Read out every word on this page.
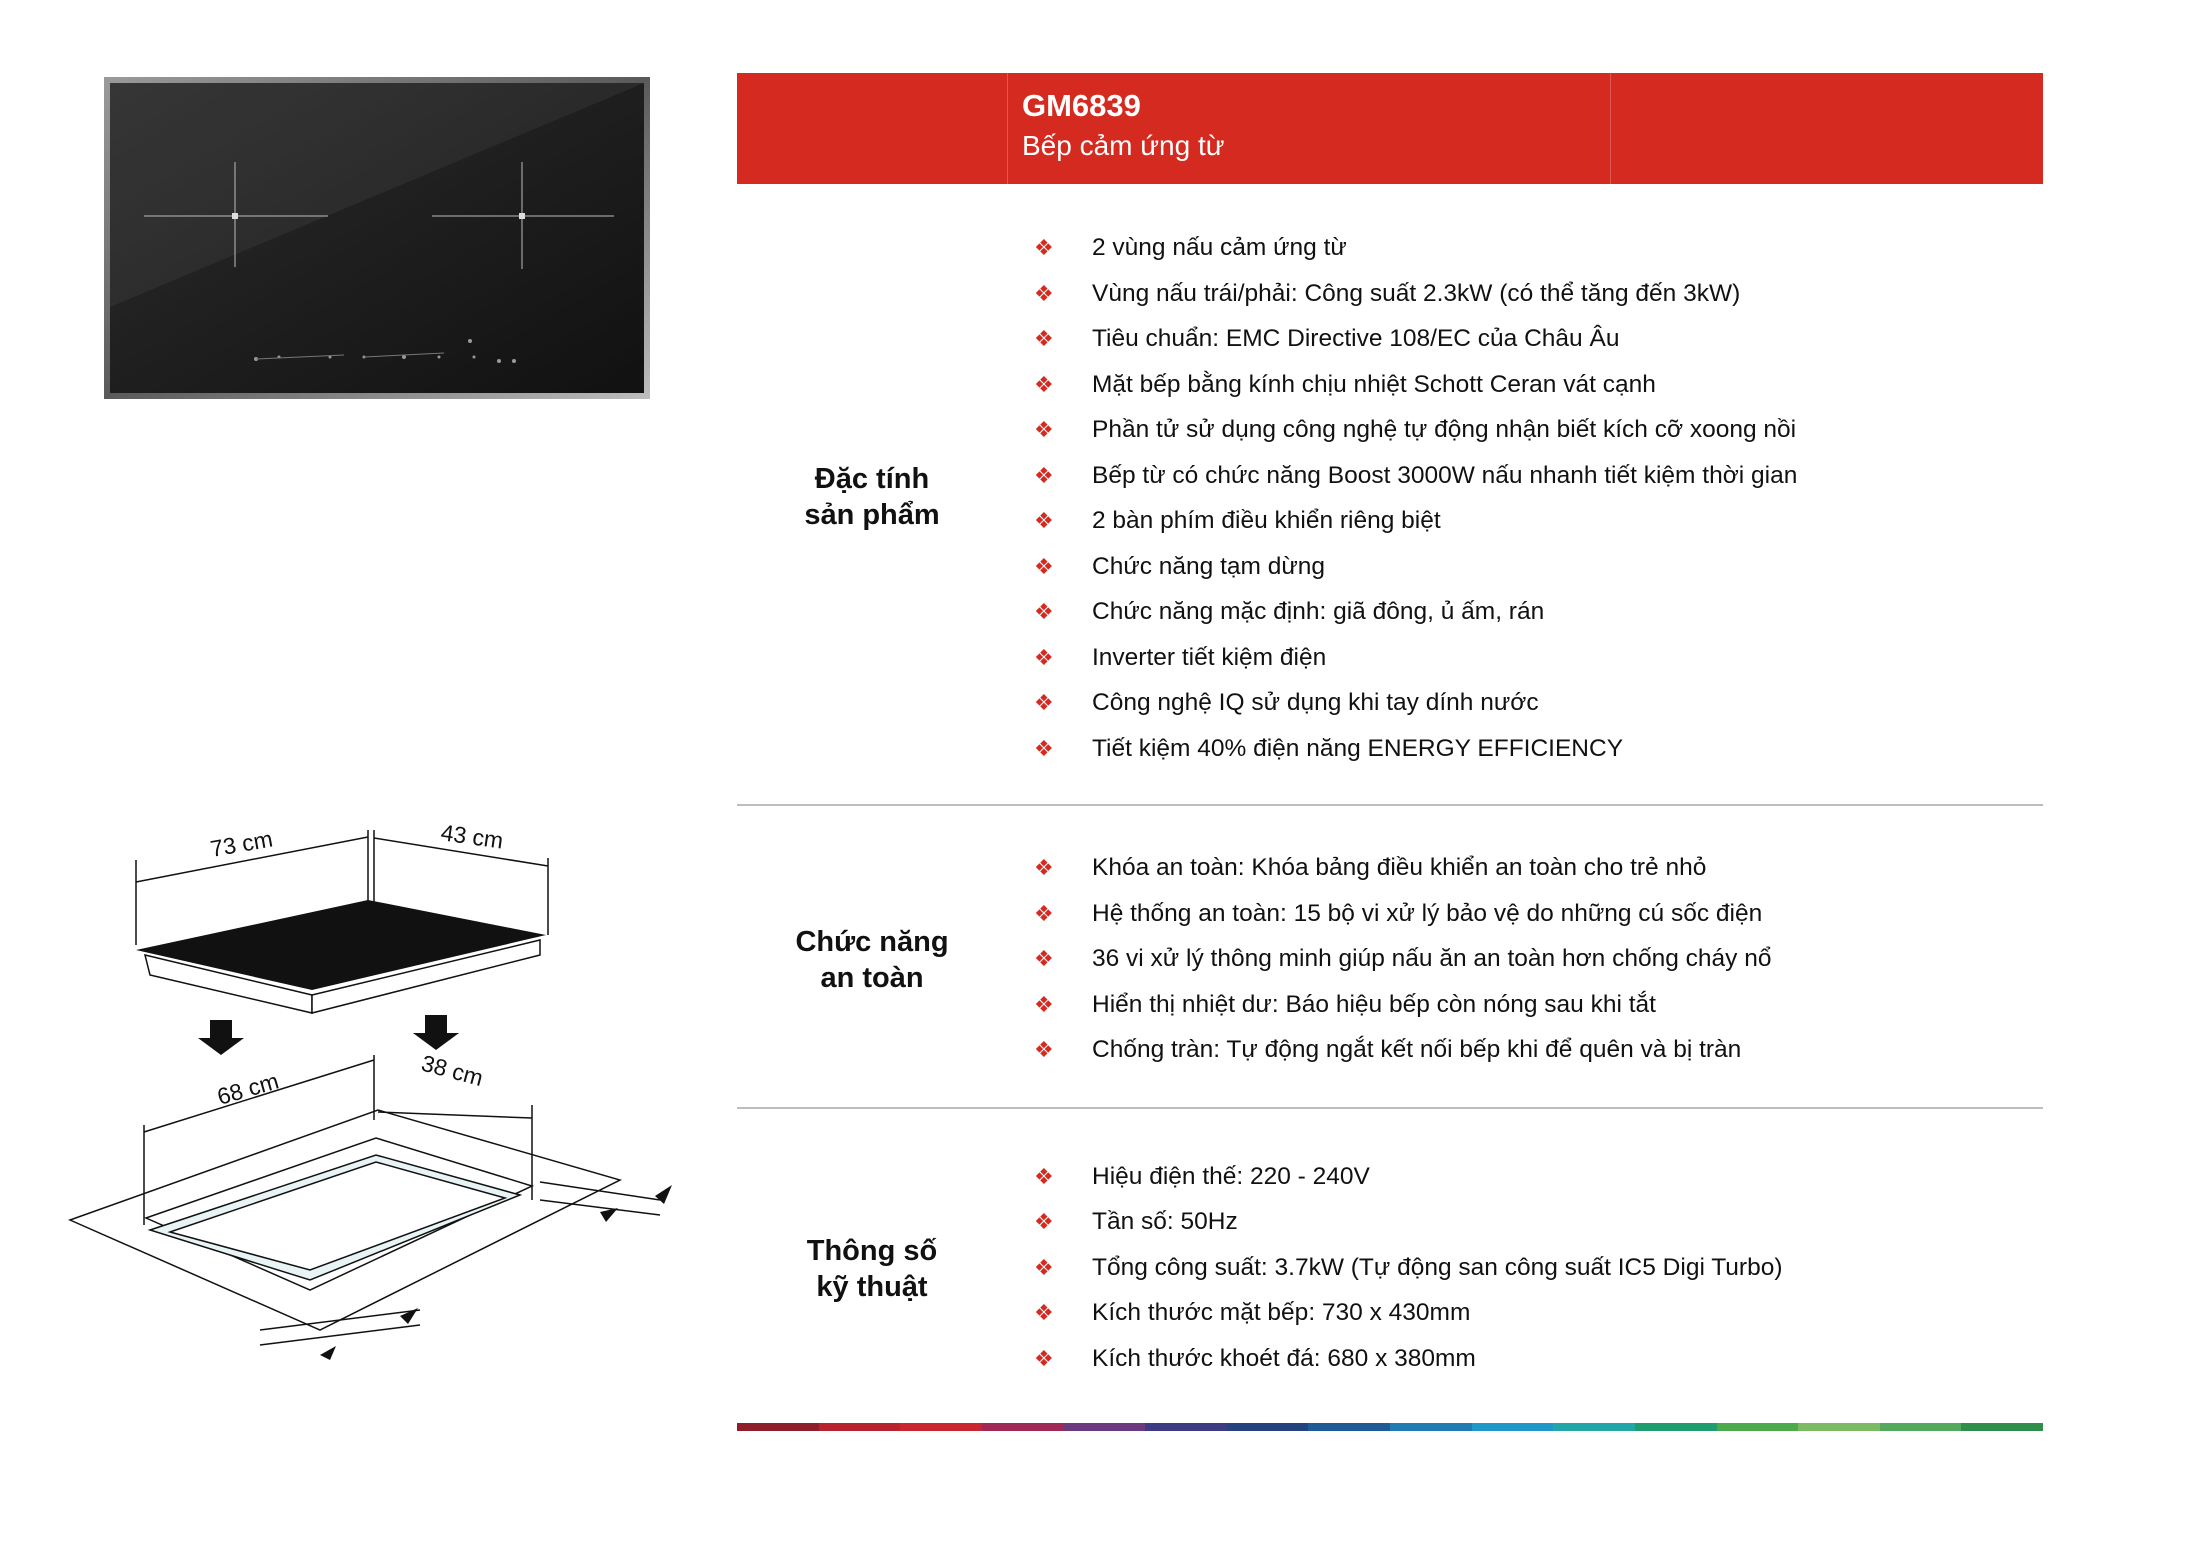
GM6839
Bếp cảm ứng từ
Đặc tính
sản phẩm
❖ 2 vùng nấu cảm ứng từ
❖ Vùng nấu trái/phải: Công suất 2.3kW (có thể tăng đến 3kW)
❖ Tiêu chuẩn: EMC Directive 108/EC của Châu Âu
❖ Mặt bếp bằng kính chịu nhiệt Schott Ceran vát cạnh
❖ Phần tử sử dụng công nghệ tự động nhận biết kích cỡ xoong nồi
❖ Bếp từ có chức năng Boost 3000W nấu nhanh tiết kiệm thời gian
❖ 2 bàn phím điều khiển riêng biệt
❖ Chức năng tạm dừng
❖ Chức năng mặc định: giã đông, ủ ấm, rán
❖ Inverter tiết kiệm điện
❖ Công nghệ IQ sử dụng khi tay dính nước
❖ Tiết kiệm 40% điện năng ENERGY EFFICIENCY
Chức năng
an toàn
❖ Khóa an toàn: Khóa bảng điều khiển an toàn cho trẻ nhỏ
❖ Hệ thống an toàn: 15 bộ vi xử lý bảo vệ do những cú sốc điện
❖ 36 vi xử lý thông minh giúp nấu ăn an toàn hơn chống cháy nổ
❖ Hiển thị nhiệt dư: Báo hiệu bếp còn nóng sau khi tắt
❖ Chống tràn: Tự động ngắt kết nối bếp khi để quên và bị tràn
Thông số
kỹ thuật
❖ Hiệu điện thế: 220 - 240V
❖ Tần số: 50Hz
❖ Tổng công suất: 3.7kW (Tự động san công suất IC5 Digi Turbo)
❖ Kích thước mặt bếp: 730 x 430mm
❖ Kích thước khoét đá: 680 x 380mm
73 cm	43 cm
68 cm	38 cm
